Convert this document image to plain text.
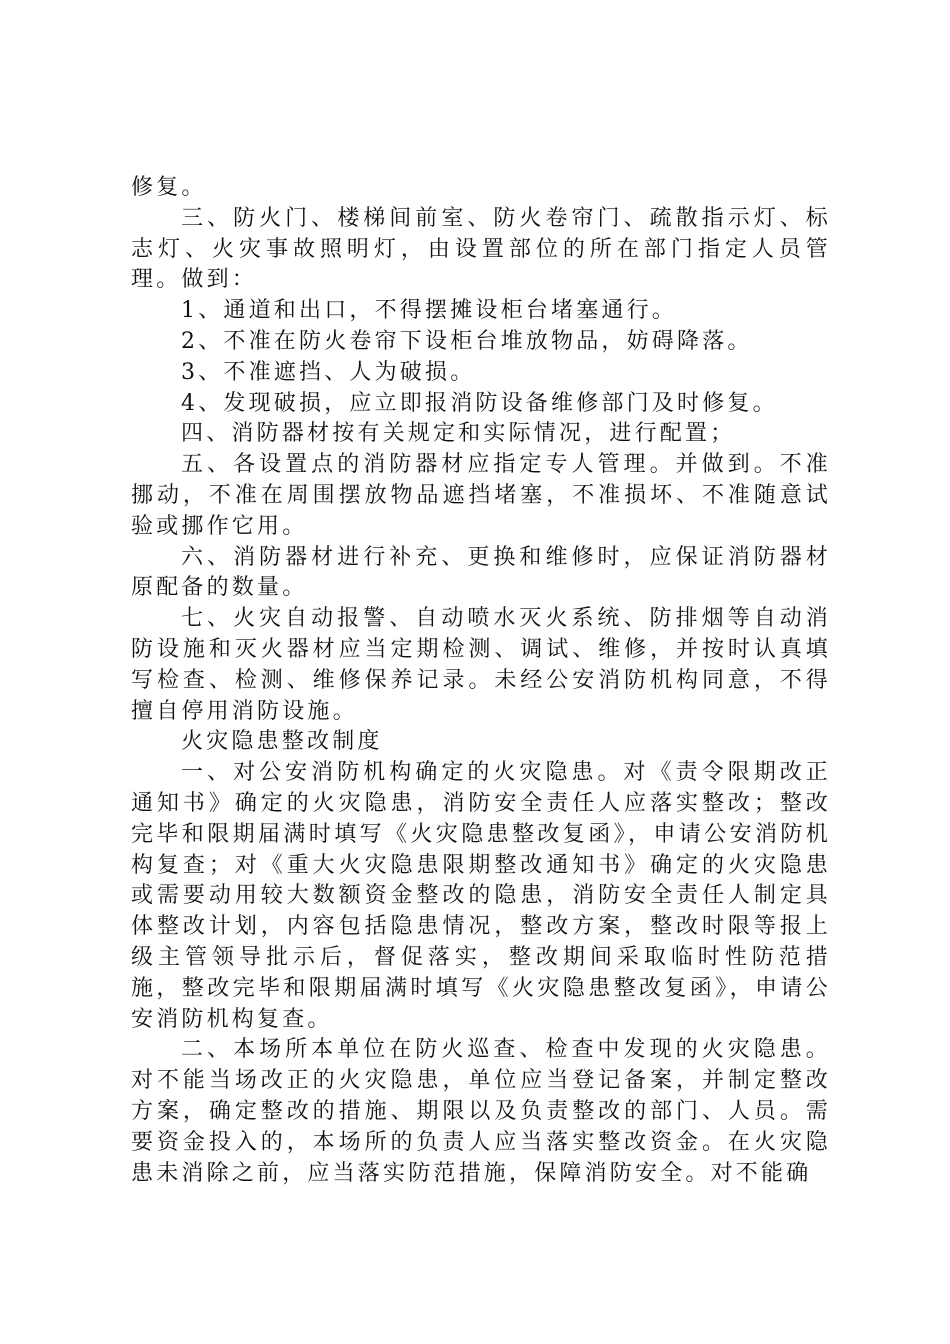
修复。

三、防火门、楼梯间前室、防火卷帘门、疏散指示灯、标志灯、火灾事故照明灯，由设置部位的所在部门指定人员管理。做到：

1、通道和出口，不得摆摊设柜台堵塞通行。

2、不准在防火卷帘下设柜台堆放物品，妨碍降落。

3、不准遮挡、人为破损。

4、发现破损，应立即报消防设备维修部门及时修复。

四、消防器材按有关规定和实际情况，进行配置；

五、各设置点的消防器材应指定专人管理。并做到。不准挪动，不准在周围摆放物品遮挡堵塞，不准损坏、不准随意试验或挪作它用。

六、消防器材进行补充、更换和维修时，应保证消防器材原配备的数量。

七、火灾自动报警、自动喷水灭火系统、防排烟等自动消防设施和灭火器材应当定期检测、调试、维修，并按时认真填写检查、检测、维修保养记录。未经公安消防机构同意，不得擅自停用消防设施。

火灾隐患整改制度

一、对公安消防机构确定的火灾隐患。对《责令限期改正通知书》确定的火灾隐患，消防安全责任人应落实整改；整改完毕和限期届满时填写《火灾隐患整改复函》，申请公安消防机构复查；对《重大火灾隐患限期整改通知书》确定的火灾隐患或需要动用较大数额资金整改的隐患，消防安全责任人制定具体整改计划，内容包括隐患情况，整改方案，整改时限等报上级主管领导批示后，督促落实，整改期间采取临时性防范措施，整改完毕和限期届满时填写《火灾隐患整改复函》，申请公安消防机构复查。

二、本场所本单位在防火巡查、检查中发现的火灾隐患。对不能当场改正的火灾隐患，单位应当登记备案，并制定整改方案，确定整改的措施、期限以及负责整改的部门、人员。需要资金投入的，本场所的负责人应当落实整改资金。在火灾隐患未消除之前，应当落实防范措施，保障消防安全。对不能确
